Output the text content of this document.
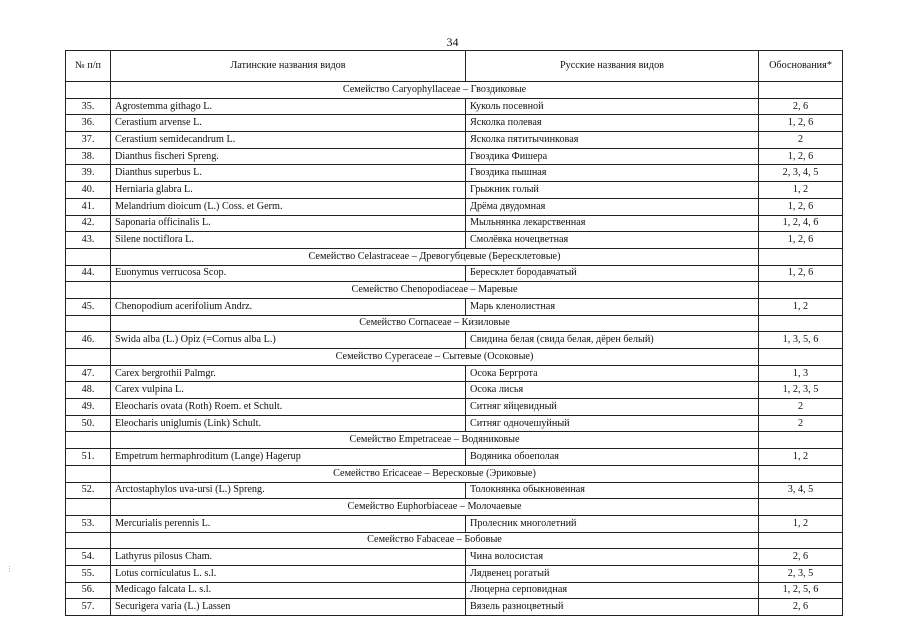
34
№ п/п	Латинские названия видов	Русские названия видов	Обоснования*
	Семейство Caryophyllaceae – Гвоздиковые		
35.	Agrostemma githago L.	Куколь посевной	2, 6
36.	Cerastium arvense L.	Ясколка полевая	1, 2, 6
37.	Cerastium semidecandrum L.	Ясколка пятитычинковая	2
38.	Dianthus fischeri Spreng.	Гвоздика Фишера	1, 2, 6
39.	Dianthus superbus L.	Гвоздика пышная	2, 3, 4, 5
40.	Herniaria glabra L.	Грыжник голый	1, 2
41.	Melandrium dioicum (L.) Coss. et Germ.	Дрёма двудомная	1, 2, 6
42.	Saponaria officinalis L.	Мыльнянка лекарственная	1, 2, 4, 6
43.	Silene noctiflora L.	Смолёвка ночецветная	1, 2, 6
	Семейство Celastraceae – Древогубцевые (Бересклетовые)		
44.	Euonymus verrucosa Scop.	Бересклет бородавчатый	1, 2, 6
	Семейство Chenopodiaceae – Маревые		
45.	Chenopodium acerifolium Andrz.	Марь кленолистная	1, 2
	Семейство Cornaceae – Кизиловые		
46.	Swida alba (L.) Opiz (=Cornus alba L.)	Свидина белая (свида белая, дёрен белый)	1, 3, 5, 6
	Семейство Cyperaceae – Сытевые (Осоковые)		
47.	Carex bergrothii Palmgr.	Осока Бергрота	1, 3
48.	Carex vulpina L.	Осока лисья	1, 2, 3, 5
49.	Eleocharis ovata (Roth) Roem. et Schult.	Ситняг яйцевидный	2
50.	Eleocharis uniglumis (Link) Schult.	Ситняг одночешуйный	2
	Семейство Empetraceae – Водяниковые		
51.	Empetrum hermaphroditum (Lange) Hagerup	Водяника обоеполая	1, 2
	Семейство Ericaceae – Вересковые (Эриковые)		
52.	Arctostaphylos uva-ursi (L.) Spreng.	Толокнянка обыкновенная	3, 4, 5
	Семейство Euphorbiaceae – Молочаевые		
53.	Mercurialis perennis L.	Пролесник многолетний	1, 2
	Семейство Fabaceae – Бобовые		
54.	Lathyrus pilosus Cham.	Чина волосистая	2, 6
55.	Lotus corniculatus L. s.l.	Лядвенец рогатый	2, 3, 5
56.	Medicago falcata L. s.l.	Люцерна серповидная	1, 2, 5, 6
57.	Securigera varia (L.) Lassen	Вязель разноцветный	2, 6
⋮
